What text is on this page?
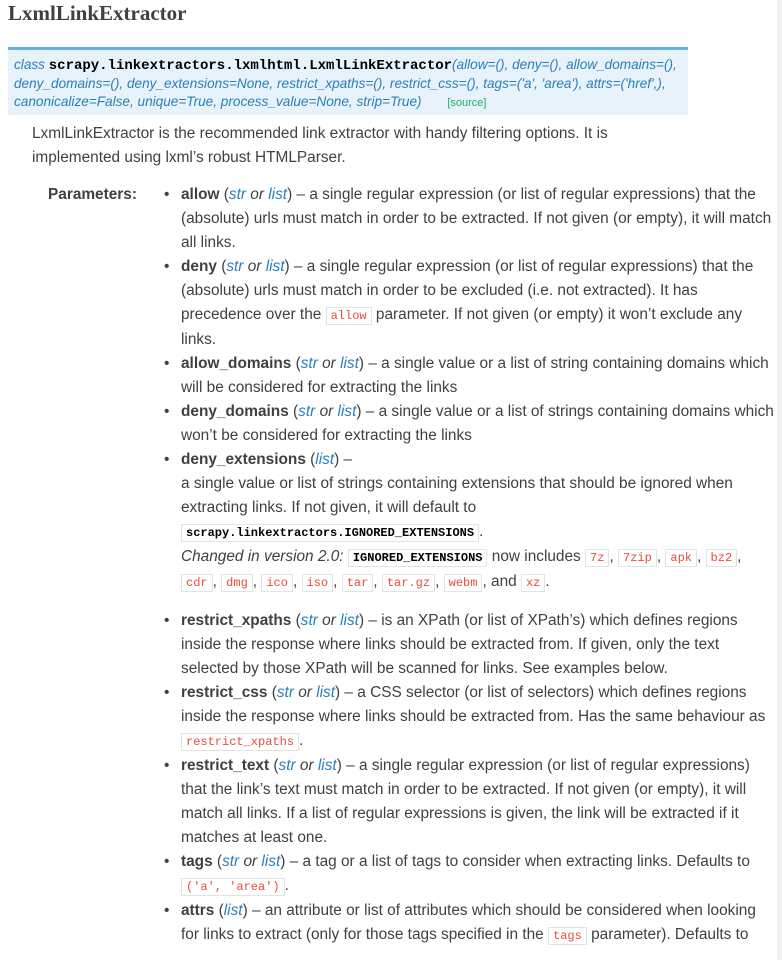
LxmlLinkExtractor
class scrapy.linkextractors.lxmlhtml.LxmlLinkExtractor(allow=(), deny=(), allow_domains=(), deny_domains=(), deny_extensions=None, restrict_xpaths=(), restrict_css=(), tags=('a', 'area'), attrs=('href',), canonicalize=False, unique=True, process_value=None, strip=True) [source]
LxmlLinkExtractor is the recommended link extractor with handy filtering options. It is implemented using lxml’s robust HTMLParser.
Parameters:
•	allow (str or list) – a single regular expression (or list of regular expressions) that the (absolute) urls must match in order to be extracted. If not given (or empty), it will match all links.
• deny (str or list) – a single regular expression (or list of regular expressions) that the (absolute) urls must match in order to be excluded (i.e. not extracted). It has precedence over the allow parameter. If not given (or empty) it won’t exclude any links.
• allow_domains (str or list) – a single value or a list of string containing domains which will be considered for extracting the links
• deny_domains (str or list) – a single value or a list of strings containing domains which won’t be considered for extracting the links
• deny_extensions (list) –
a single value or list of strings containing extensions that should be ignored when extracting links. If not given, it will default to scrapy.linkextractors.IGNORED_EXTENSIONS .
Changed in version 2.0: IGNORED_EXTENSIONS now includes 7z , 7zip , apk , bz2 , cdr , dmg , ico , iso , tar , tar.gz , webm , and xz .
• restrict_xpaths (str or list) – is an XPath (or list of XPath’s) which defines regions inside the response where links should be extracted from. If given, only the text selected by those XPath will be scanned for links. See examples below.
• restrict_css (str or list) – a CSS selector (or list of selectors) which defines regions inside the response where links should be extracted from. Has the same behaviour as restrict_xpaths .
• restrict_text (str or list) – a single regular expression (or list of regular expressions) that the link’s text must match in order to be extracted. If not given (or empty), it will match all links. If a list of regular expressions is given, the link will be extracted if it matches at least one.
• tags (str or list) – a tag or a list of tags to consider when extracting links. Defaults to ('a', 'area') .
• attrs (list) – an attribute or list of attributes which should be considered when looking for links to extract (only for those tags specified in the tags parameter). Defaults to
